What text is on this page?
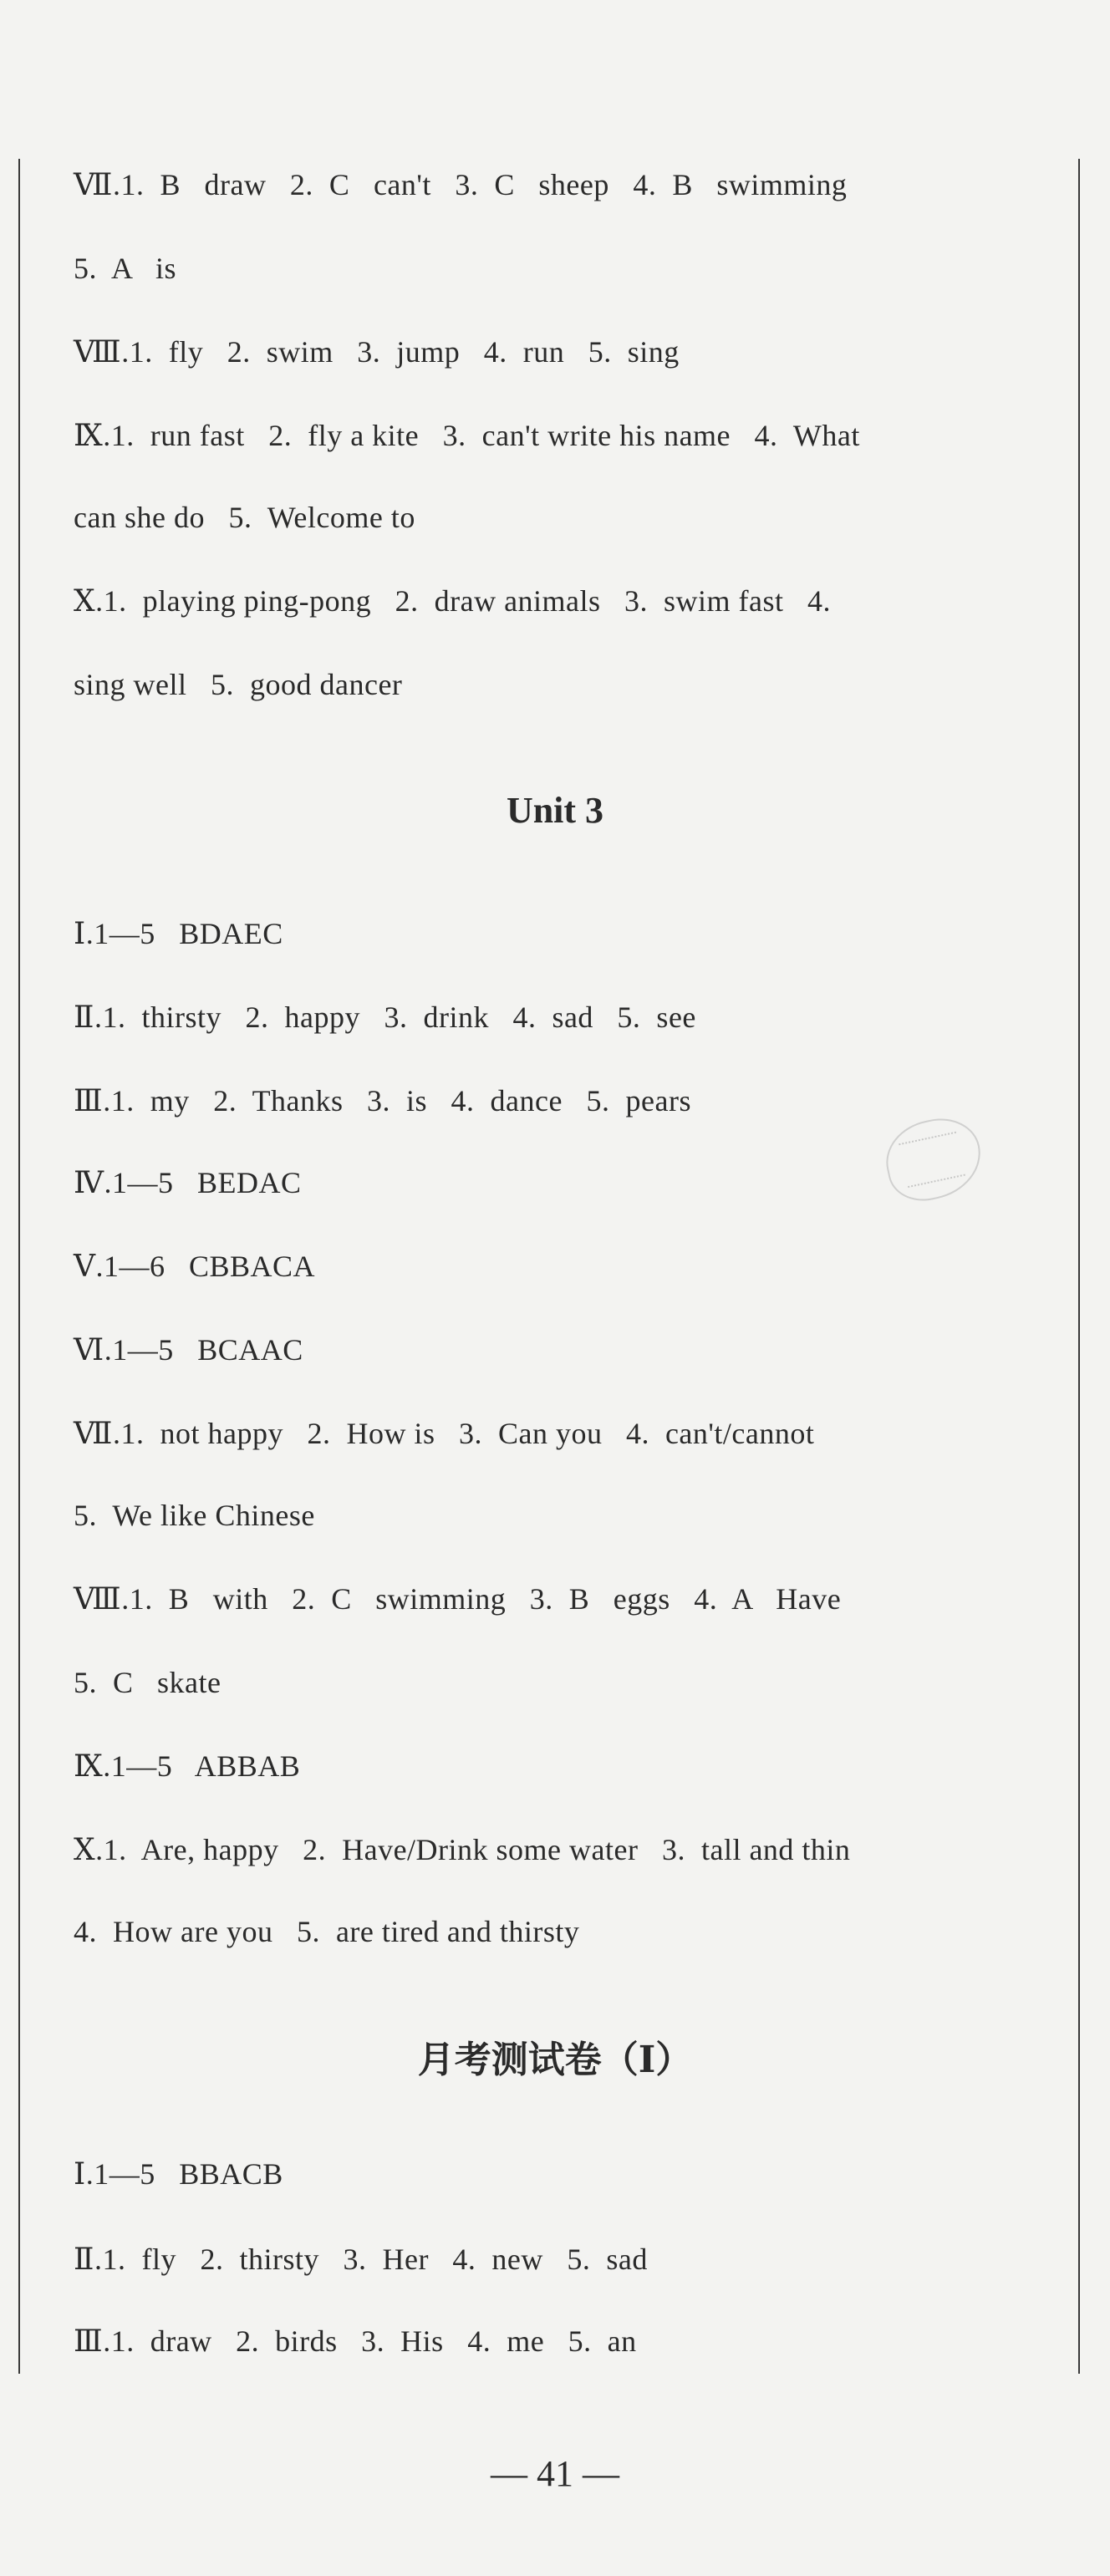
Ⅶ.1.  B   draw   2.  C   can't   3.  C   sheep   4.  B   swimming
5.  A   is
Ⅷ.1.  fly   2.  swim   3.  jump   4.  run   5.  sing
Ⅸ.1.  run fast   2.  fly a kite   3.  can't write his name   4.  What
can she do   5.  Welcome to
Ⅹ.1.  playing ping-pong   2.  draw animals   3.  swim fast   4.
sing well   5.  good dancer
Unit 3
Ⅰ.1—5   BDAEC
Ⅱ.1.  thirsty   2.  happy   3.  drink   4.  sad   5.  see
Ⅲ.1.  my   2.  Thanks   3.  is   4.  dance   5.  pears
Ⅳ.1—5   BEDAC
Ⅴ.1—6   CBBACA
Ⅵ.1—5   BCAAC
Ⅶ.1.  not happy   2.  How is   3.  Can you   4.  can't/cannot
5.  We like Chinese
Ⅷ.1.  B   with   2.  C   swimming   3.  B   eggs   4.  A   Have
5.  C   skate
Ⅸ.1—5   ABBAB
Ⅹ.1.  Are, happy   2.  Have/Drink some water   3.  tall and thin
4.  How are you   5.  are tired and thirsty
月考测试卷（Ⅰ）
Ⅰ.1—5   BBACB
Ⅱ.1.  fly   2.  thirsty   3.  Her   4.  new   5.  sad
Ⅲ.1.  draw   2.  birds   3.  His   4.  me   5.  an
— 41 —
